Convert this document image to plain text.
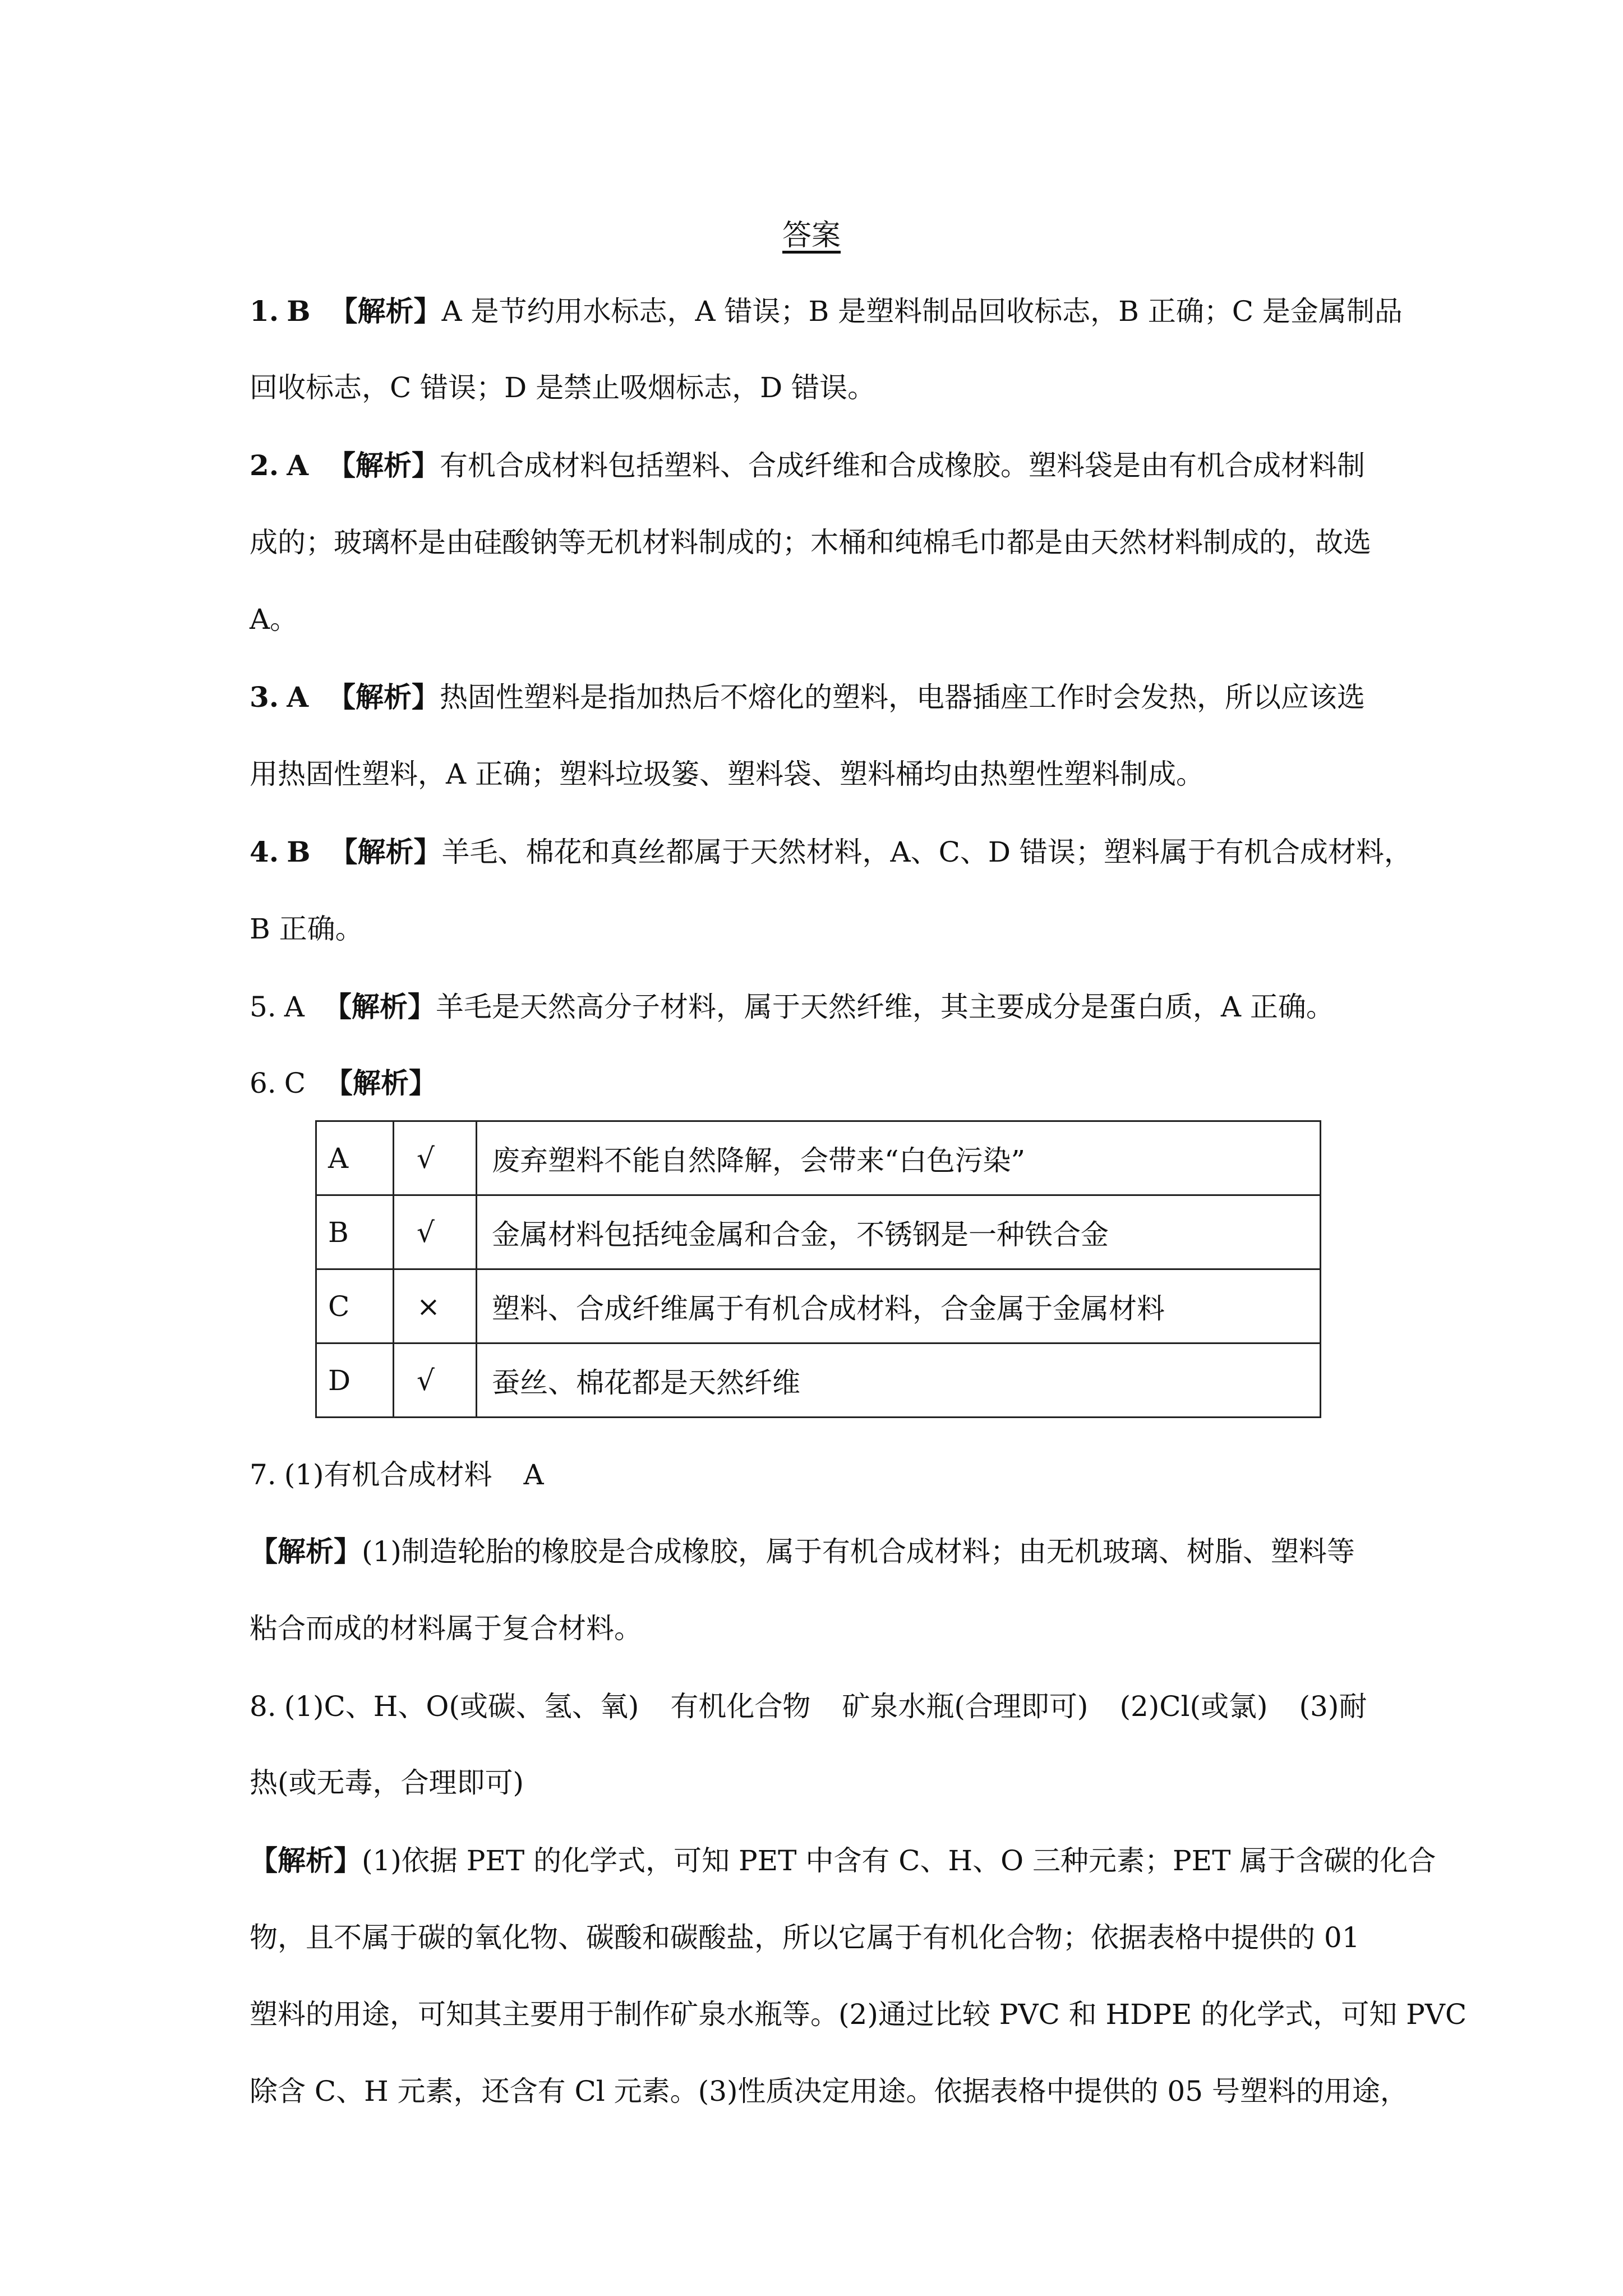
答案
1. B 【解析】A 是节约用水标志，A 错误；B 是塑料制品回收标志，B 正确；C 是金属制品
回收标志，C 错误；D 是禁止吸烟标志，D 错误。
2. A 【解析】有机合成材料包括塑料、合成纤维和合成橡胶。塑料袋是由有机合成材料制
成的；玻璃杯是由硅酸钠等无机材料制成的；木桶和纯棉毛巾都是由天然材料制成的，故选
A。
3. A 【解析】热固性塑料是指加热后不熔化的塑料，电器插座工作时会发热，所以应该选
用热固性塑料，A 正确；塑料垃圾篓、塑料袋、塑料桶均由热塑性塑料制成。
4. B 【解析】羊毛、棉花和真丝都属于天然材料，A、C、D 错误；塑料属于有机合成材料，
B 正确。
5. A 【解析】羊毛是天然高分子材料，属于天然纤维，其主要成分是蛋白质，A 正确。
6. C 【解析】
A	√	废弃塑料不能自然降解，会带来“白色污染”
B	√	金属材料包括纯金属和合金，不锈钢是一种铁合金
C	×	塑料、合成纤维属于有机合成材料，合金属于金属材料
D	√	蚕丝、棉花都是天然纤维
7. (1)有机合成材料 A
【解析】(1)制造轮胎的橡胶是合成橡胶，属于有机合成材料；由无机玻璃、树脂、塑料等
粘合而成的材料属于复合材料。
8. (1)C、H、O(或碳、氢、氧) 有机化合物 矿泉水瓶(合理即可) (2)Cl(或氯) (3)耐
热(或无毒，合理即可)
【解析】(1)依据 PET 的化学式，可知 PET 中含有 C、H、O 三种元素；PET 属于含碳的化合
物，且不属于碳的氧化物、碳酸和碳酸盐，所以它属于有机化合物；依据表格中提供的 01
塑料的用途，可知其主要用于制作矿泉水瓶等。(2)通过比较 PVC 和 HDPE 的化学式，可知 PVC
除含 C、H 元素，还含有 Cl 元素。(3)性质决定用途。依据表格中提供的 05 号塑料的用途，
